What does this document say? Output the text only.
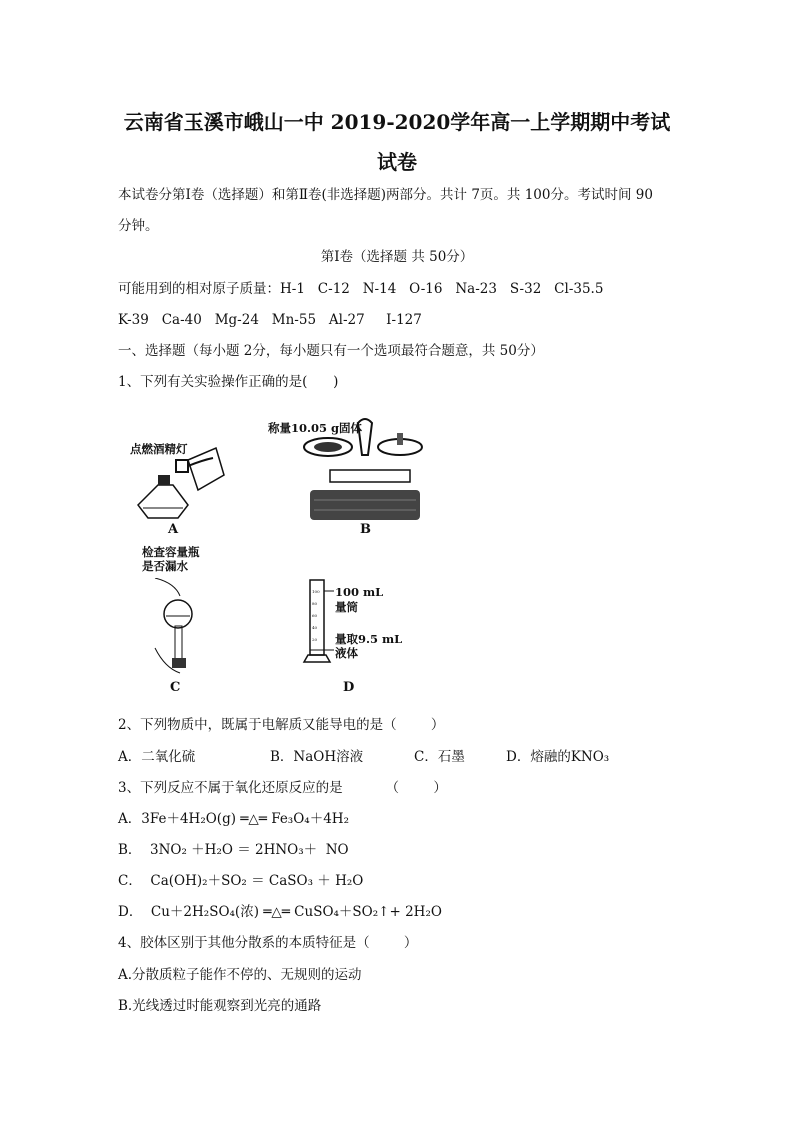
云南省玉溪市峨山一中 2019-2020学年高一上学期期中考试
试卷
本试卷分第Ⅰ卷（选择题）和第Ⅱ卷(非选择题)两部分。共计 7页。共 100分。考试时间 90
分钟。
第Ⅰ卷（选择题 共 50分）
可能用到的相对原子质量：H-1   C-12   N-14   O-16   Na-23   S-32   Cl-35.5
K-39   Ca-40   Mg-24   Mn-55   Al-27     I-127
一、选择题（每小题 2分，每小题只有一个选项最符合题意，共 50分）
1、下列有关实验操作正确的是(      )
点燃酒精灯
A
称量10.05 g固体
B
检查容量瓶
是否漏水
C
100
80
60
40
20
100 mL
量筒
量取9.5 mL
液体
D
2、下列物质中，既属于电解质又能导电的是（        ）
A．二氧化硫	B．NaOH溶液	C．石墨	D．熔融的KNO₃
3、下列反应不属于氧化还原反应的是          （        ）
A．3Fe＋4H₂O(g) ═△═ Fe₃O₄＋4H₂
B．  3NO₂ ＋H₂O ＝ 2HNO₃＋  NO
C．  Ca(OH)₂＋SO₂ ＝ CaSO₃ ＋ H₂O
D．  Cu＋2H₂SO₄(浓) ═△═ CuSO₄＋SO₂↑+ 2H₂O
4、胶体区别于其他分散系的本质特征是（        ）
A.分散质粒子能作不停的、无规则的运动
B.光线透过时能观察到光亮的通路
